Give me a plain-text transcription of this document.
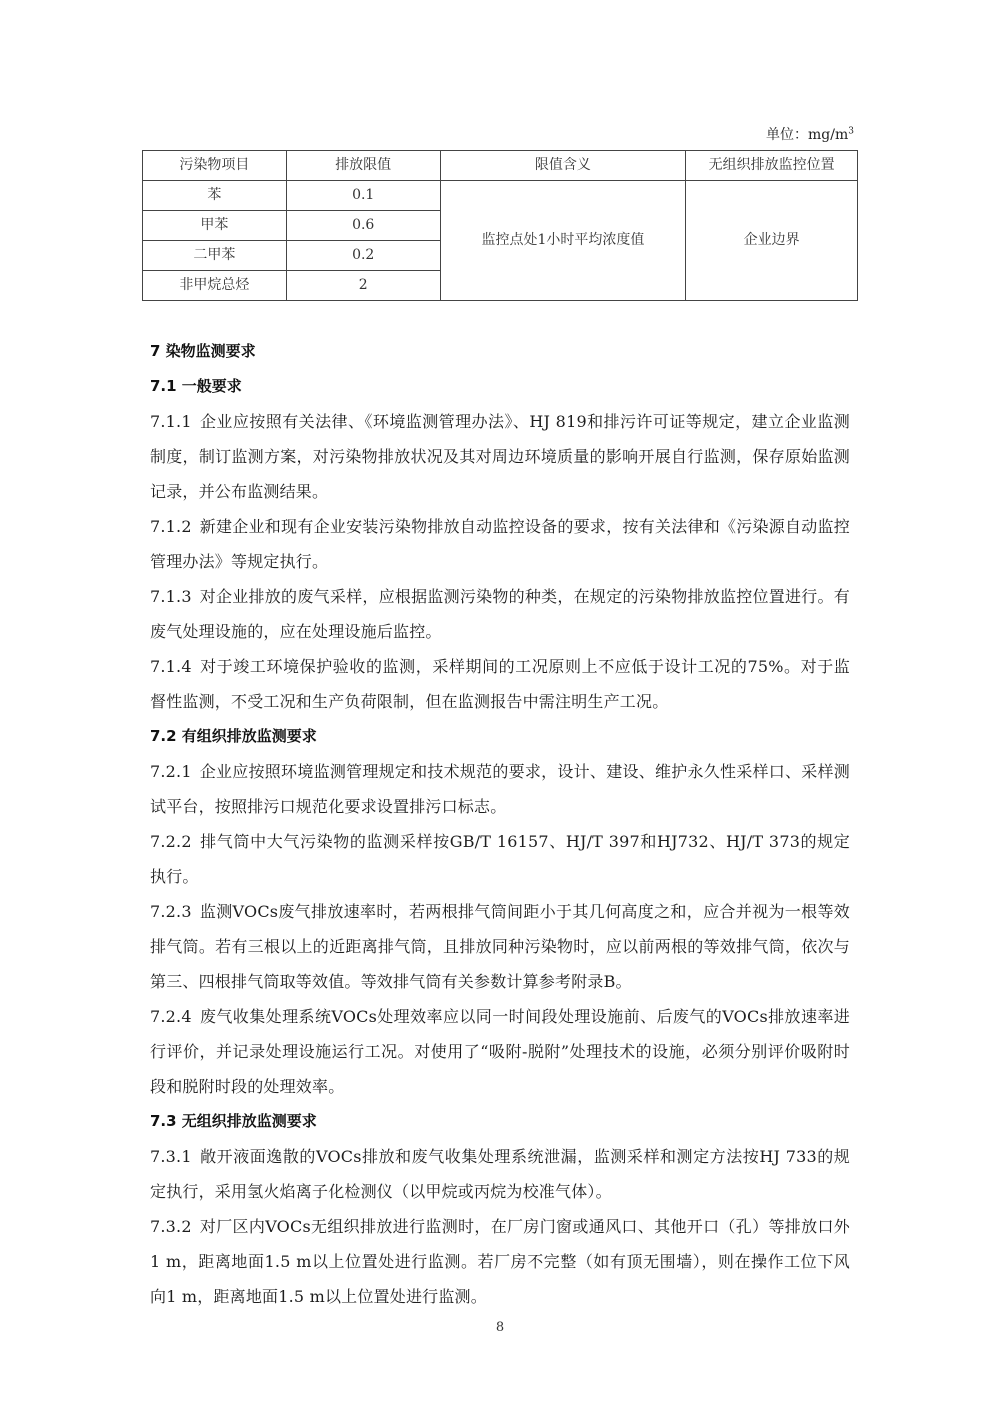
单位：$mg/m^3$
污染物项目	排放限值	限值含义	无组织排放监控位置
苯	0.1	监控点处1小时平均浓度值	企业边界
甲苯	0.6		
二甲苯	0.2		
非甲烷总烃	2		

7 染物监测要求

7.1 一般要求

7.1.1 企业应按照有关法律、《环境监测管理办法》、HJ 819和排污许可证等规定，建立企业监测制度，制订监测方案，对污染物排放状况及其对周边环境质量的影响开展自行监测，保存原始监测记录，并公布监测结果。

7.1.2 新建企业和现有企业安装污染物排放自动监控设备的要求，按有关法律和《污染源自动监控管理办法》等规定执行。

7.1.3 对企业排放的废气采样，应根据监测污染物的种类，在规定的污染物排放监控位置进行。有废气处理设施的，应在处理设施后监控。

7.1.4 对于竣工环境保护验收的监测，采样期间的工况原则上不应低于设计工况的75%。对于监督性监测，不受工况和生产负荷限制，但在监测报告中需注明生产工况。

7.2 有组织排放监测要求

7.2.1 企业应按照环境监测管理规定和技术规范的要求，设计、建设、维护永久性采样口、采样测试平台，按照排污口规范化要求设置排污口标志。

7.2.2 排气筒中大气污染物的监测采样按GB/T 16157、HJ/T 397和HJ732、HJ/T 373的规定执行。

7.2.3 监测VOCs废气排放速率时，若两根排气筒间距小于其几何高度之和，应合并视为一根等效排气筒。若有三根以上的近距离排气筒，且排放同种污染物时，应以前两根的等效排气筒，依次与第三、四根排气筒取等效值。等效排气筒有关参数计算参考附录B。

7.2.4 废气收集处理系统VOCs处理效率应以同一时间段处理设施前、后废气的VOCs排放速率进行评价，并记录处理设施运行工况。对使用了“吸附-脱附”处理技术的设施，必须分别评价吸附时段和脱附时段的处理效率。

7.3 无组织排放监测要求

7.3.1 敞开液面逸散的VOCs排放和废气收集处理系统泄漏，监测采样和测定方法按HJ 733的规定执行，采用氢火焰离子化检测仪（以甲烷或丙烷为校准气体）。

7.3.2 对厂区内VOCs无组织排放进行监测时，在厂房门窗或通风口、其他开口（孔）等排放口外1 m，距离地面1.5 m以上位置处进行监测。若厂房不完整（如有顶无围墙），则在操作工位下风向1 m，距离地面1.5 m以上位置处进行监测。

8
